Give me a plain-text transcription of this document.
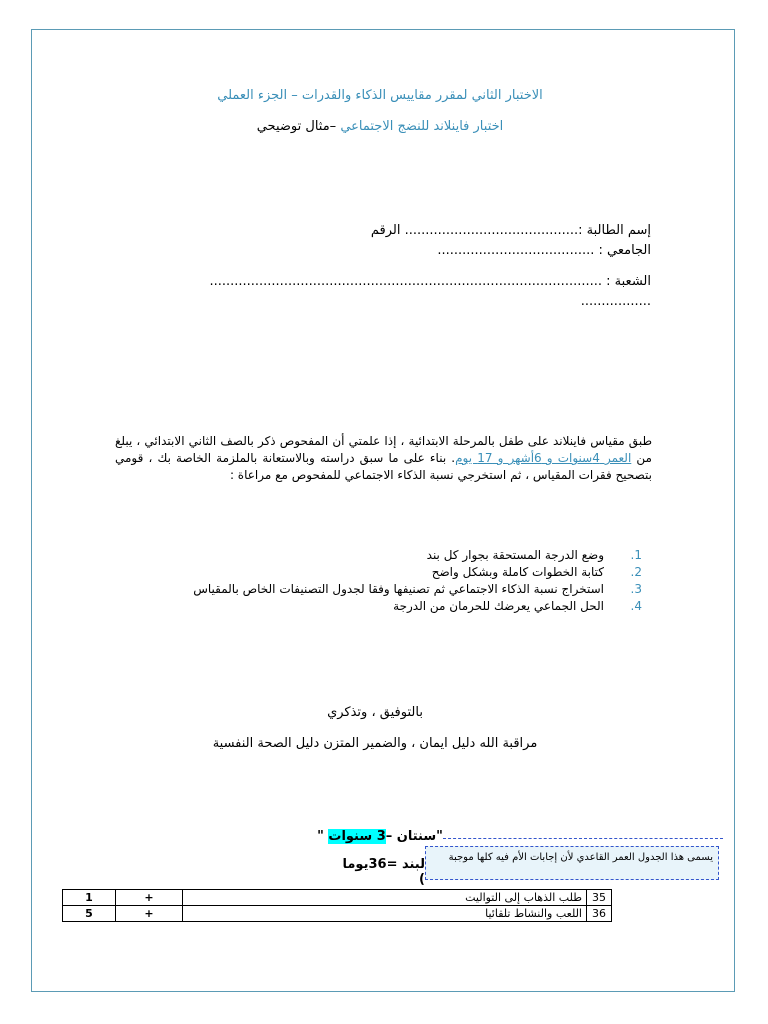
الاختبار الثاني لمقرر مقاييس الذكاء والقدرات – الجزء العملي
اختبار فاينلاند للنضج الاجتماعي –مثال توضيحي
إسم الطالبة :.......................................... الرقم
الجامعي : ......................................
الشعبة : ...............................................................................................
.................
طبق مقياس فاينلاند على طفل بالمرحلة الابتدائية ، إذا علمتي أن المفحوص ذكر بالصف الثاني الابتدائي ، يبلغ من العمر 4سنوات و 6أشهر و 17 يوم. بناء على ما سبق دراسته وبالاستعانة بالملزمة الخاصة بك ، قومي بتصحيح فقرات المقياس ، ثم استخرجي نسبة الذكاء الاجتماعي للمفحوص مع مراعاة :
1.
وضع الدرجة المستحقة بجوار كل بند
2.
كتابة الخطوات كاملة وبشكل واضح
3.
استخراج نسبة الذكاء الاجتماعي ثم تصنيفها وفقا لجدول التصنيفات الخاص بالمقياس
4.
الحل الجماعي يعرضك للحرمان من الدرجة
بالتوفيق ، وتذكري
مراقبة الله دليل ايمان ، والضمير المتزن دليل الصحة النفسية
"سنتان –3 سنوات "
يسمى هذا الجدول العمر القاعدي لأن إجابات الأم فيه كلها موجبة
لبند =36يوما )
35	طلب الذهاب إلى التواليت	+	1
36	اللعب والنشاط تلقائيا	+	5
